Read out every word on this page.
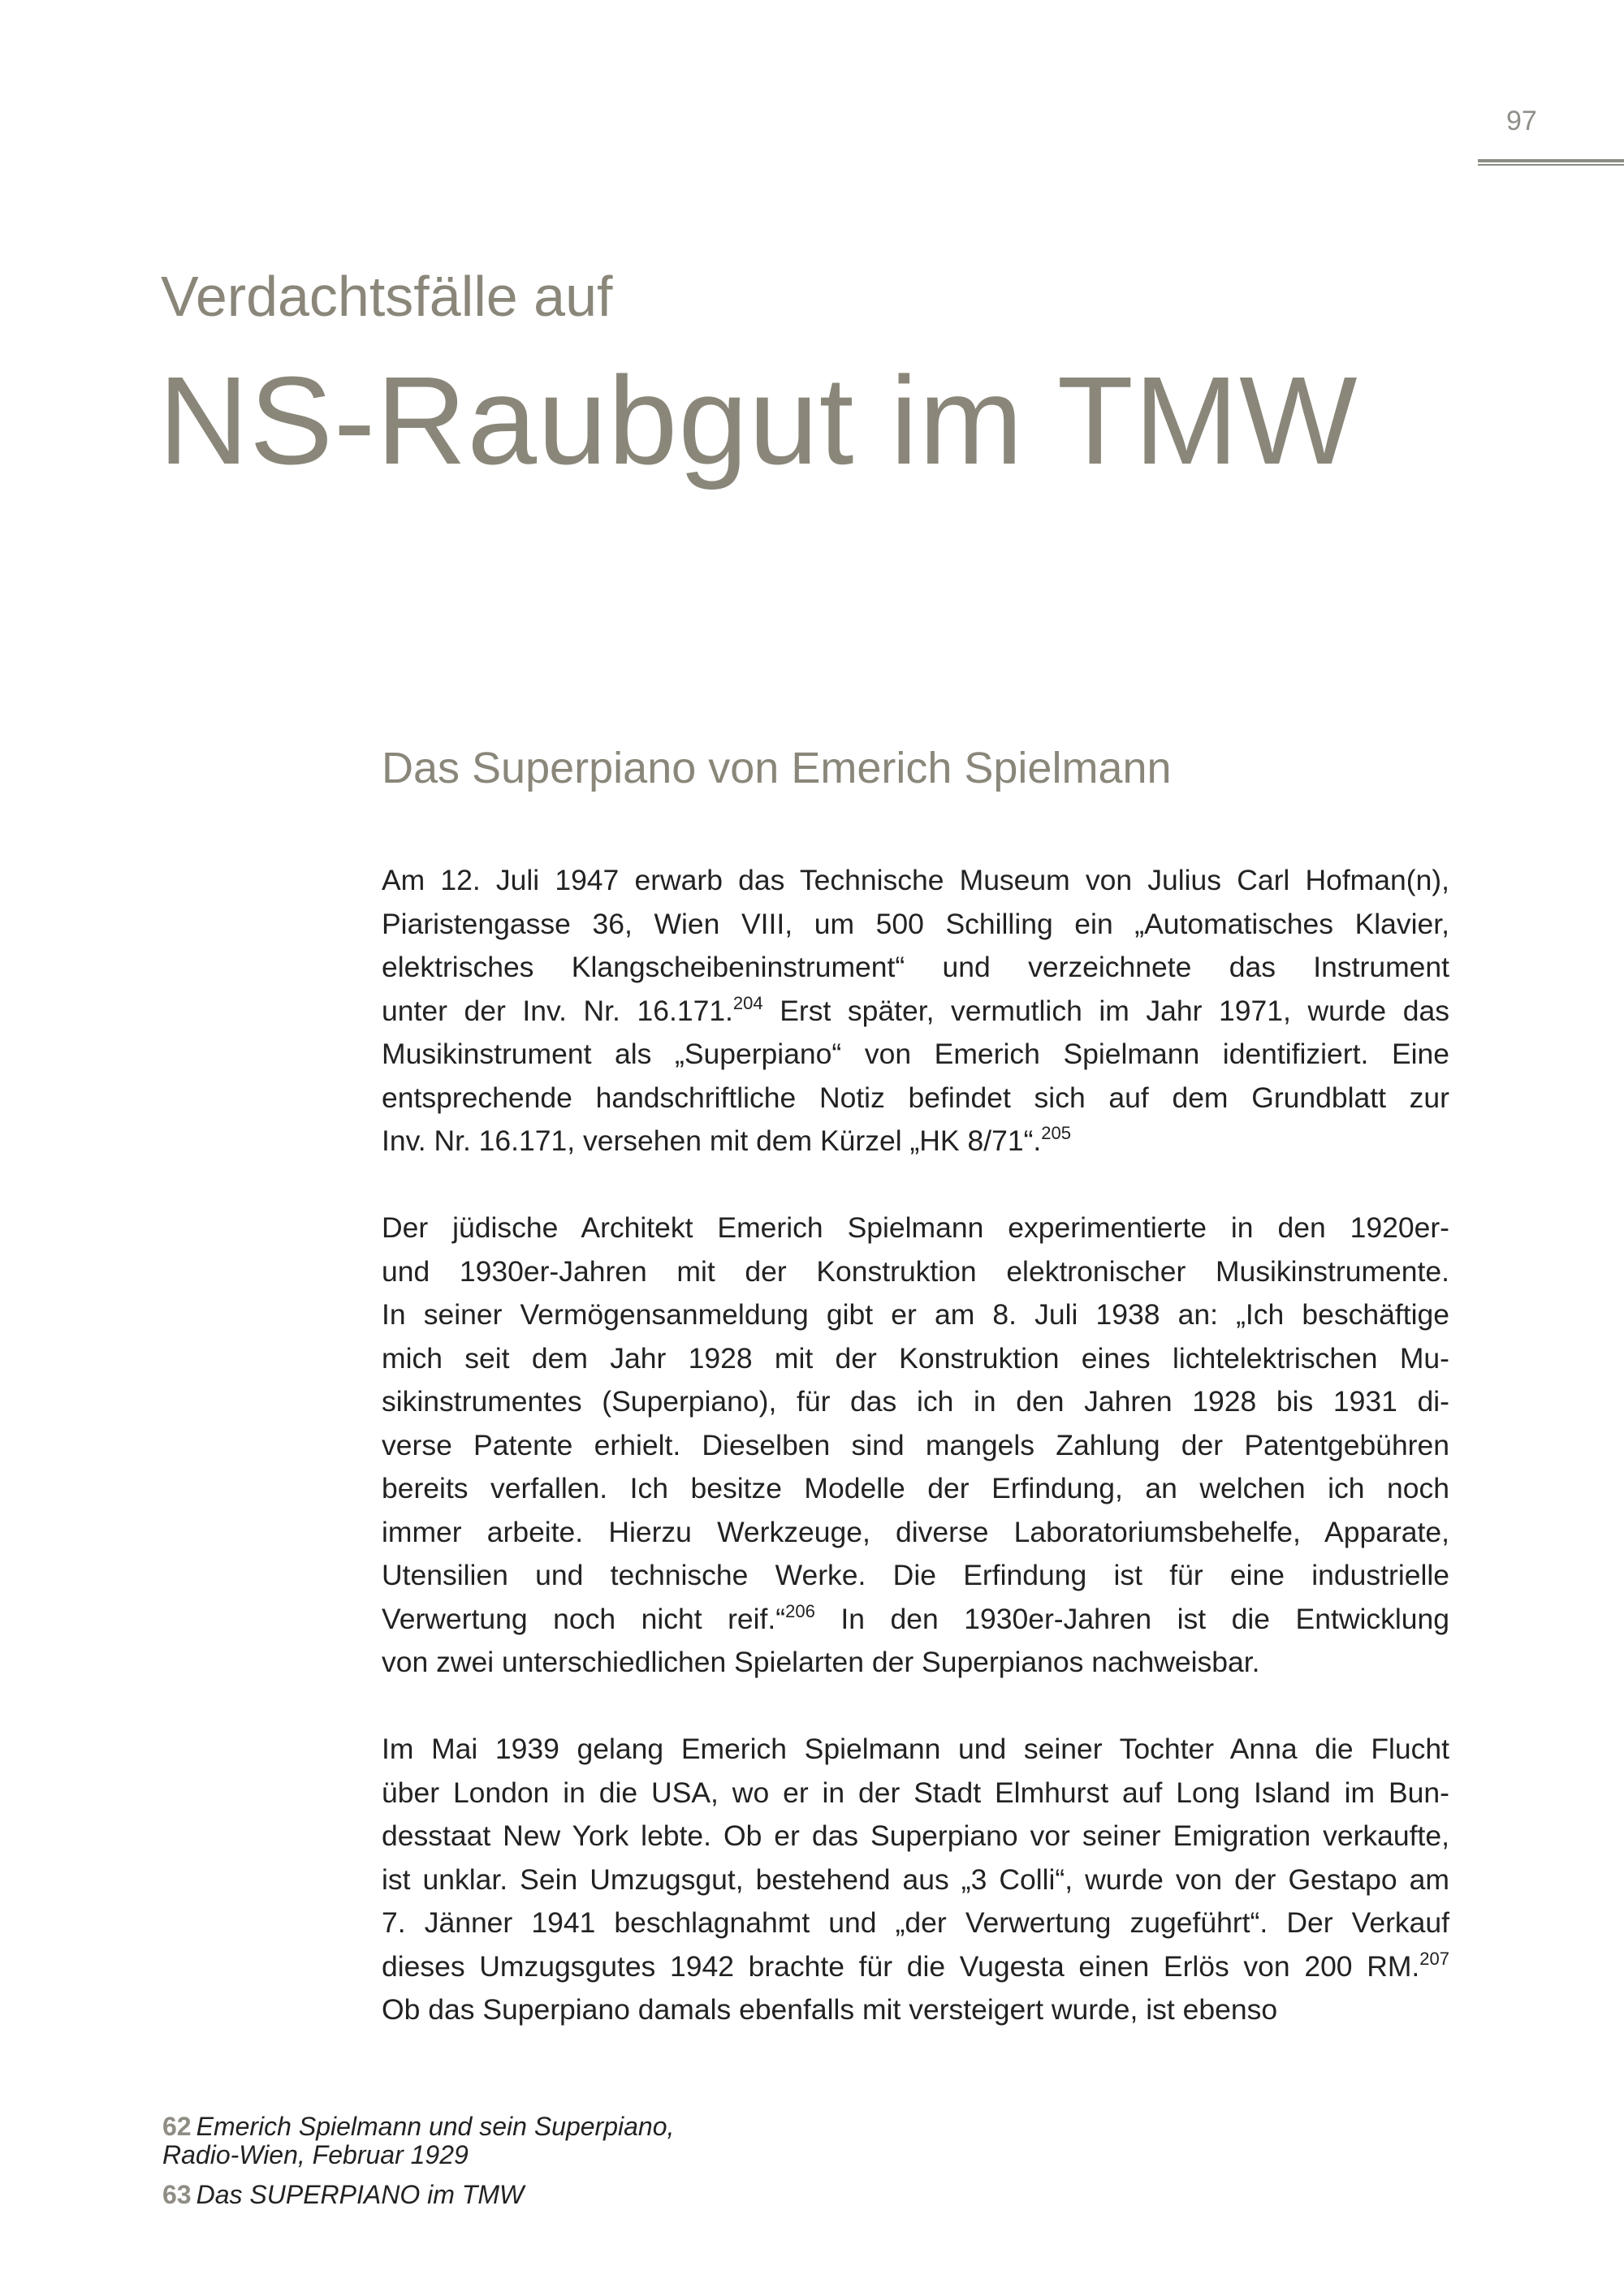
97
Verdachtsfälle auf
NS-Raubgut im TMW
Das Superpiano von Emerich Spielmann
Am 12. Juli 1947 erwarb das Technische Museum von Julius Carl Hofman(n),
Piaristengasse 36, Wien VIII, um 500 Schilling ein „Automatisches Klavier,
elektrisches Klangscheibeninstrument“ und verzeichnete das Instrument
unter der Inv. Nr. 16.171.$^{204}$ Erst später, vermutlich im Jahr 1971, wurde das
Musikinstrument als „Superpiano“ von Emerich Spielmann identifiziert. Eine
entsprechende handschriftliche Notiz befindet sich auf dem Grundblatt zur
Inv. Nr. 16.171, versehen mit dem Kürzel „HK 8/71“.$^{205}$
Der jüdische Architekt Emerich Spielmann experimentierte in den 1920er-
und 1930er-Jahren mit der Konstruktion elektronischer Musikinstrumente.
In seiner Vermögensanmeldung gibt er am 8. Juli 1938 an: „Ich beschäftige
mich seit dem Jahr 1928 mit der Konstruktion eines lichtelektrischen Mu-
sikinstrumentes (Superpiano), für das ich in den Jahren 1928 bis 1931 di-
verse Patente erhielt. Dieselben sind mangels Zahlung der Patentgebühren
bereits verfallen. Ich besitze Modelle der Erfindung, an welchen ich noch
immer arbeite. Hierzu Werkzeuge, diverse Laboratoriumsbehelfe, Apparate,
Utensilien und technische Werke. Die Erfindung ist für eine industrielle
Verwertung noch nicht reif.“$^{206}$ In den 1930er-Jahren ist die Entwicklung
von zwei unterschiedlichen Spielarten der Superpianos nachweisbar.
Im Mai 1939 gelang Emerich Spielmann und seiner Tochter Anna die Flucht
über London in die USA, wo er in der Stadt Elmhurst auf Long Island im Bun-
desstaat New York lebte. Ob er das Superpiano vor seiner Emigration verkaufte,
ist unklar. Sein Umzugsgut, bestehend aus „3 Colli“, wurde von der Gestapo am
7. Jänner 1941 beschlagnahmt und „der Verwertung zugeführt“. Der Verkauf
dieses Umzugsgutes 1942 brachte für die Vugesta einen Erlös von 200 RM.$^{207}$
Ob das Superpiano damals ebenfalls mit versteigert wurde, ist ebenso
62 Emerich Spielmann und sein Superpiano,
Radio-Wien, Februar 1929
63 Das SUPERPIANO im TMW
